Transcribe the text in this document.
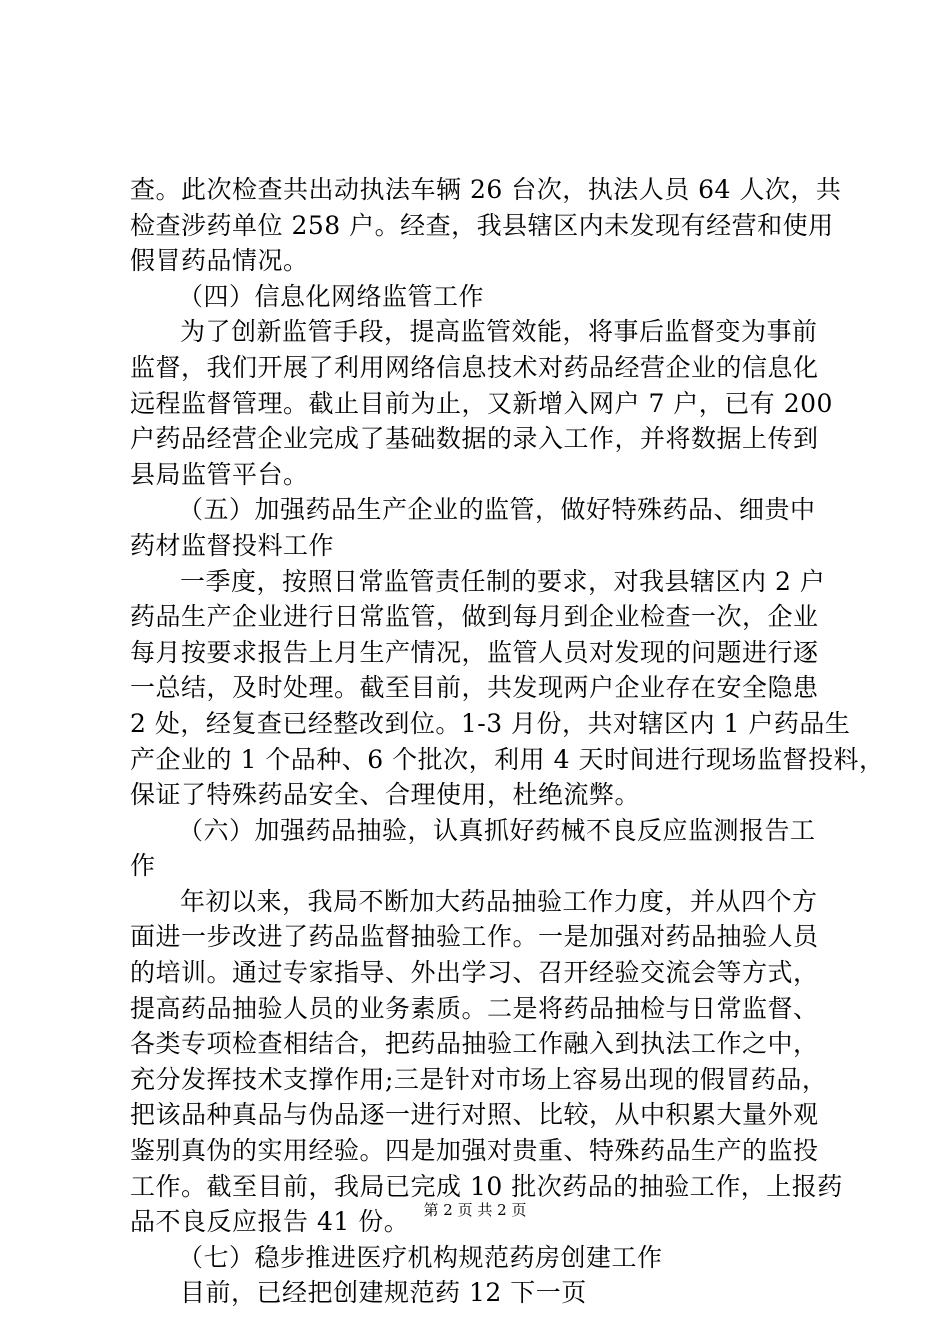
查。此次检查共出动执法车辆 26 台次，执法人员 64 人次，共
检查涉药单位 258 户。经查，我县辖区内未发现有经营和使用
假冒药品情况。
（四）信息化网络监管工作
为了创新监管手段，提高监管效能，将事后监督变为事前
监督，我们开展了利用网络信息技术对药品经营企业的信息化
远程监督管理。截止目前为止，又新增入网户 7 户，已有 200
户药品经营企业完成了基础数据的录入工作，并将数据上传到
县局监管平台。
（五）加强药品生产企业的监管，做好特殊药品、细贵中
药材监督投料工作
一季度，按照日常监管责任制的要求，对我县辖区内 2 户
药品生产企业进行日常监管，做到每月到企业检查一次，企业
每月按要求报告上月生产情况，监管人员对发现的问题进行逐
一总结，及时处理。截至目前，共发现两户企业存在安全隐患
2 处，经复查已经整改到位。1-3 月份，共对辖区内 1 户药品生
产企业的 1 个品种、6 个批次，利用 4 天时间进行现场监督投料，
保证了特殊药品安全、合理使用，杜绝流弊。
（六）加强药品抽验，认真抓好药械不良反应监测报告工
作
年初以来，我局不断加大药品抽验工作力度，并从四个方
面进一步改进了药品监督抽验工作。一是加强对药品抽验人员
的培训。通过专家指导、外出学习、召开经验交流会等方式，
提高药品抽验人员的业务素质。二是将药品抽检与日常监督、
各类专项检查相结合，把药品抽验工作融入到执法工作之中，
充分发挥技术支撑作用;三是针对市场上容易出现的假冒药品，
把该品种真品与伪品逐一进行对照、比较，从中积累大量外观
鉴别真伪的实用经验。四是加强对贵重、特殊药品生产的监投
工作。截至目前，我局已完成 10 批次药品的抽验工作，上报药
品不良反应报告 41 份。
（七）稳步推进医疗机构规范药房创建工作
目前，已经把创建规范药 12 下一页
第 2 页 共 2 页
